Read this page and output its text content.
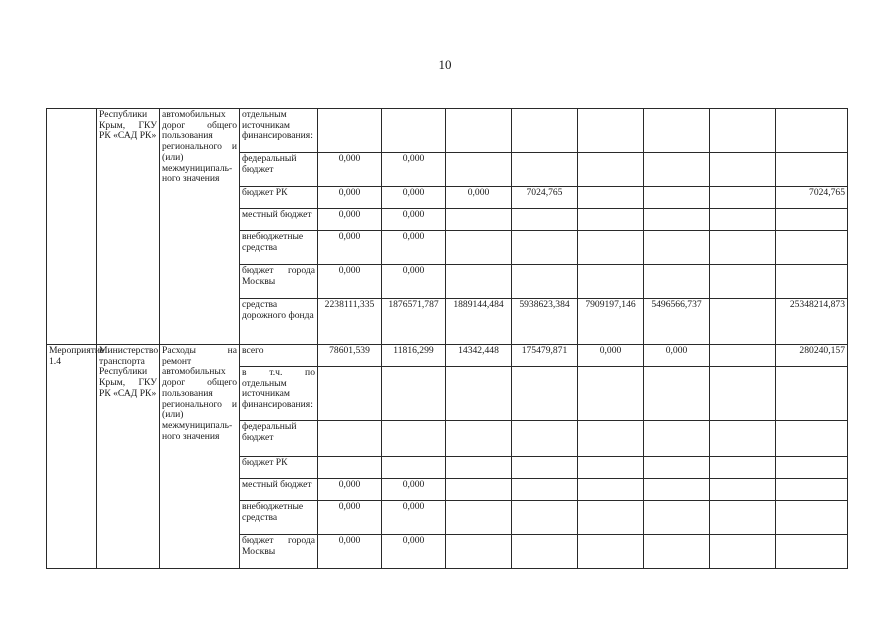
10
	Республики Крым, ГКУ РК «САД РК»	автомобильных дорог общего пользования регионального и (или) межмуниципаль-ного значения	отдельным источникам финансирования:								
			федеральный бюджет	0,000	0,000						
			бюджет РК	0,000	0,000	0,000	7024,765				7024,765
			местный бюджет	0,000	0,000						
			внебюджетные средства	0,000	0,000						
			бюджет города Москвы	0,000	0,000						
			средства дорожного фонда	2238111,335	1876571,787	1889144,484	5938623,384	7909197,146	5496566,737		25348214,873
Мероприятие 1.4	Министерство транспорта Республики Крым, ГКУ РК «САД РК»	Расходы на ремонт автомобильных дорог общего пользования регионального и (или) межмуниципаль-ного значения	всего	78601,539	11816,299	14342,448	175479,871	0,000	0,000		280240,157
			в т.ч. по отдельным источникам финансирования:								
			федеральный бюджет								
			бюджет РК								
			местный бюджет	0,000	0,000						
			внебюджетные средства	0,000	0,000						
			бюджет города Москвы	0,000	0,000						
